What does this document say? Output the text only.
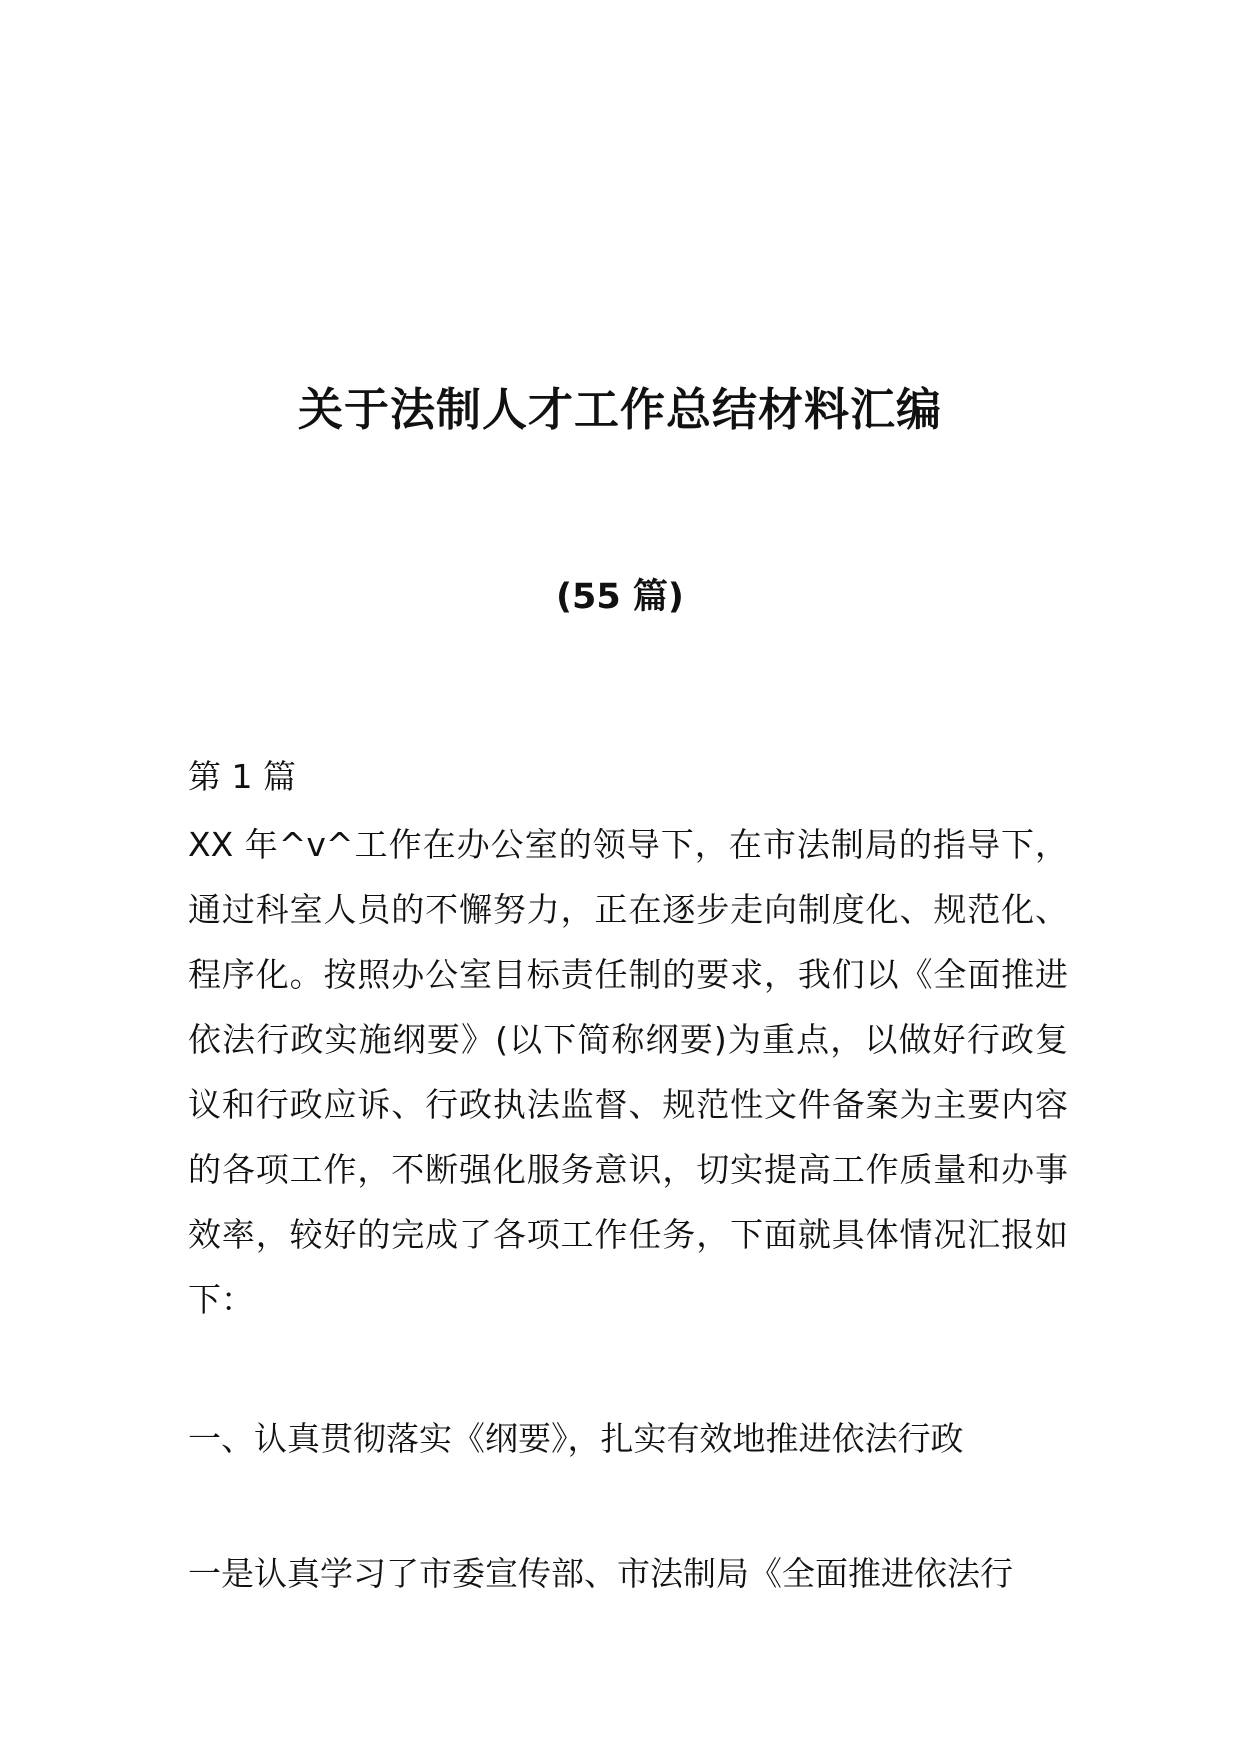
关于法制人才工作总结材料汇编
(55 篇)
第 1 篇

XX 年^v^工作在办公室的领导下，在市法制局的指导下，通过科室人员的不懈努力，正在逐步走向制度化、规范化、程序化。按照办公室目标责任制的要求，我们以《全面推进依法行政实施纲要》(以下简称纲要)为重点，以做好行政复议和行政应诉、行政执法监督、规范性文件备案为主要内容的各项工作，不断强化服务意识，切实提高工作质量和办事效率，较好的完成了各项工作任务，下面就具体情况汇报如下：

一、认真贯彻落实《纲要》，扎实有效地推进依法行政
一是认真学习了市委宣传部、市法制局《全面推进依法行
